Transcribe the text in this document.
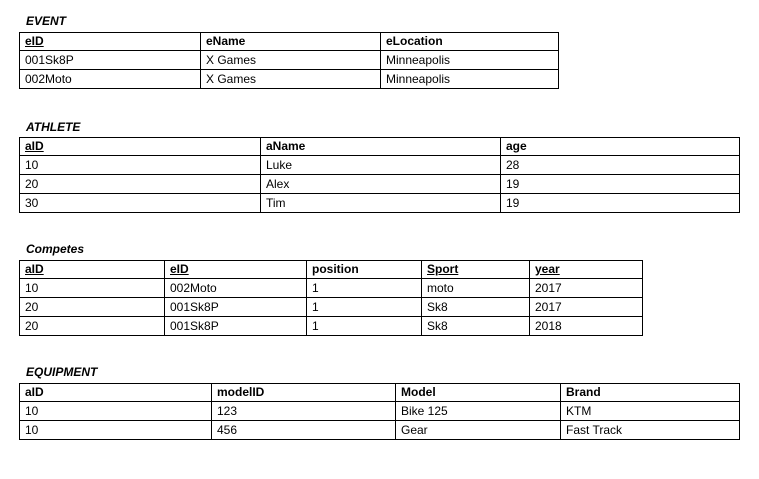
EVENT
eID	eName	eLocation
001Sk8P	X Games	Minneapolis
002Moto	X Games	Minneapolis
ATHLETE
aID	aName	age
10	Luke	28
20	Alex	19
30	Tim	19
Competes
aID	eID	position	Sport	year
10	002Moto	1	moto	2017
20	001Sk8P	1	Sk8	2017
20	001Sk8P	1	Sk8	2018
EQUIPMENT
aID	modelID	Model	Brand
10	123	Bike 125	KTM
10	456	Gear	Fast Track
